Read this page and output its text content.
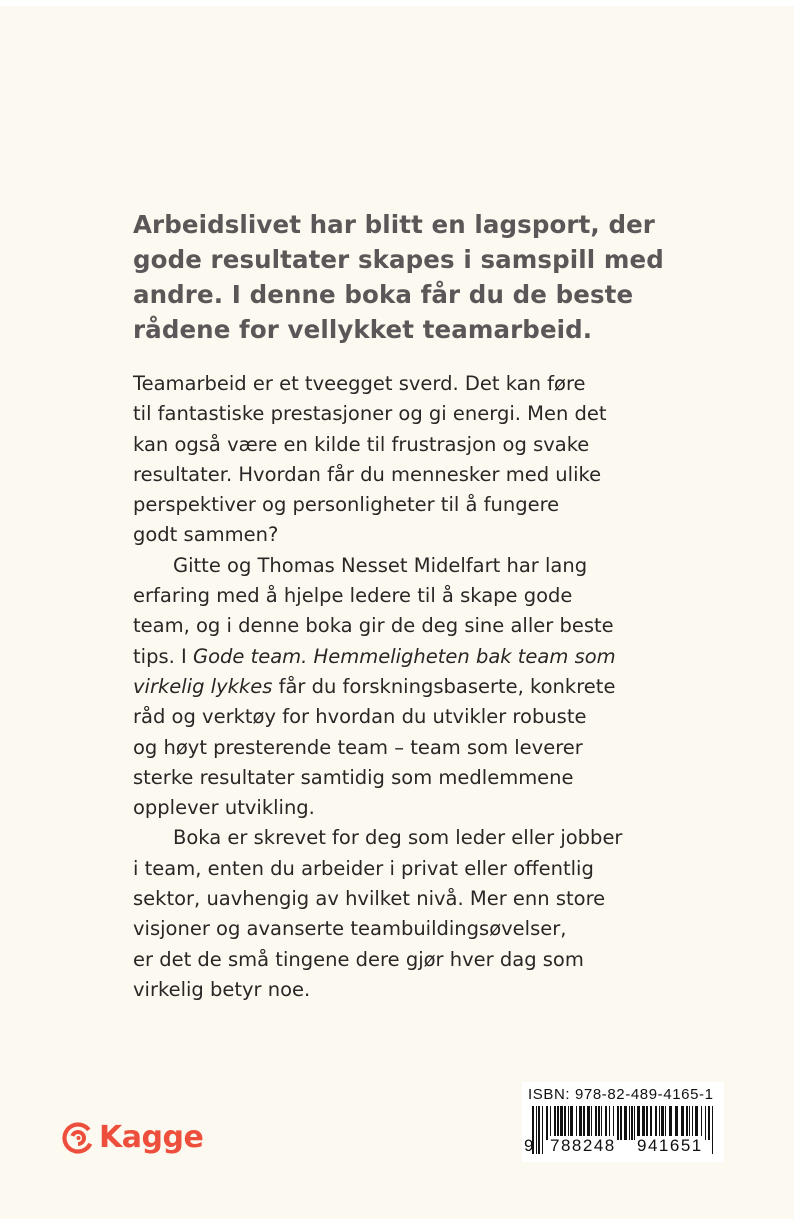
Arbeidslivet har blitt en lagsport, der
gode resultater skapes i samspill med
andre. I denne boka får du de beste
rådene for vellykket teamarbeid.
Teamarbeid er et tveegget sverd. Det kan føre
til fantastiske prestasjoner og gi energi. Men det
kan også være en kilde til frustrasjon og svake
resultater. Hvordan får du mennesker med ulike
perspektiver og personligheter til å fungere
godt sammen?
Gitte og Thomas Nesset Midelfart har lang
erfaring med å hjelpe ledere til å skape gode
team, og i denne boka gir de deg sine aller beste
tips. I Gode team. Hemmeligheten bak team som
virkelig lykkes får du forskningsbaserte, konkrete
råd og verktøy for hvordan du utvikler robuste
og høyt presterende team – team som leverer
sterke resultater samtidig som medlemmene
opplever utvikling.
Boka er skrevet for deg som leder eller jobber
i team, enten du arbeider i privat eller offentlig
sektor, uavhengig av hvilket nivå. Mer enn store
visjoner og avanserte teambuildingsøvelser,
er det de små tingene dere gjør hver dag som
virkelig betyr noe.
Kagge
ISBN: 978-82-489-4165-1
9 788248 941651
